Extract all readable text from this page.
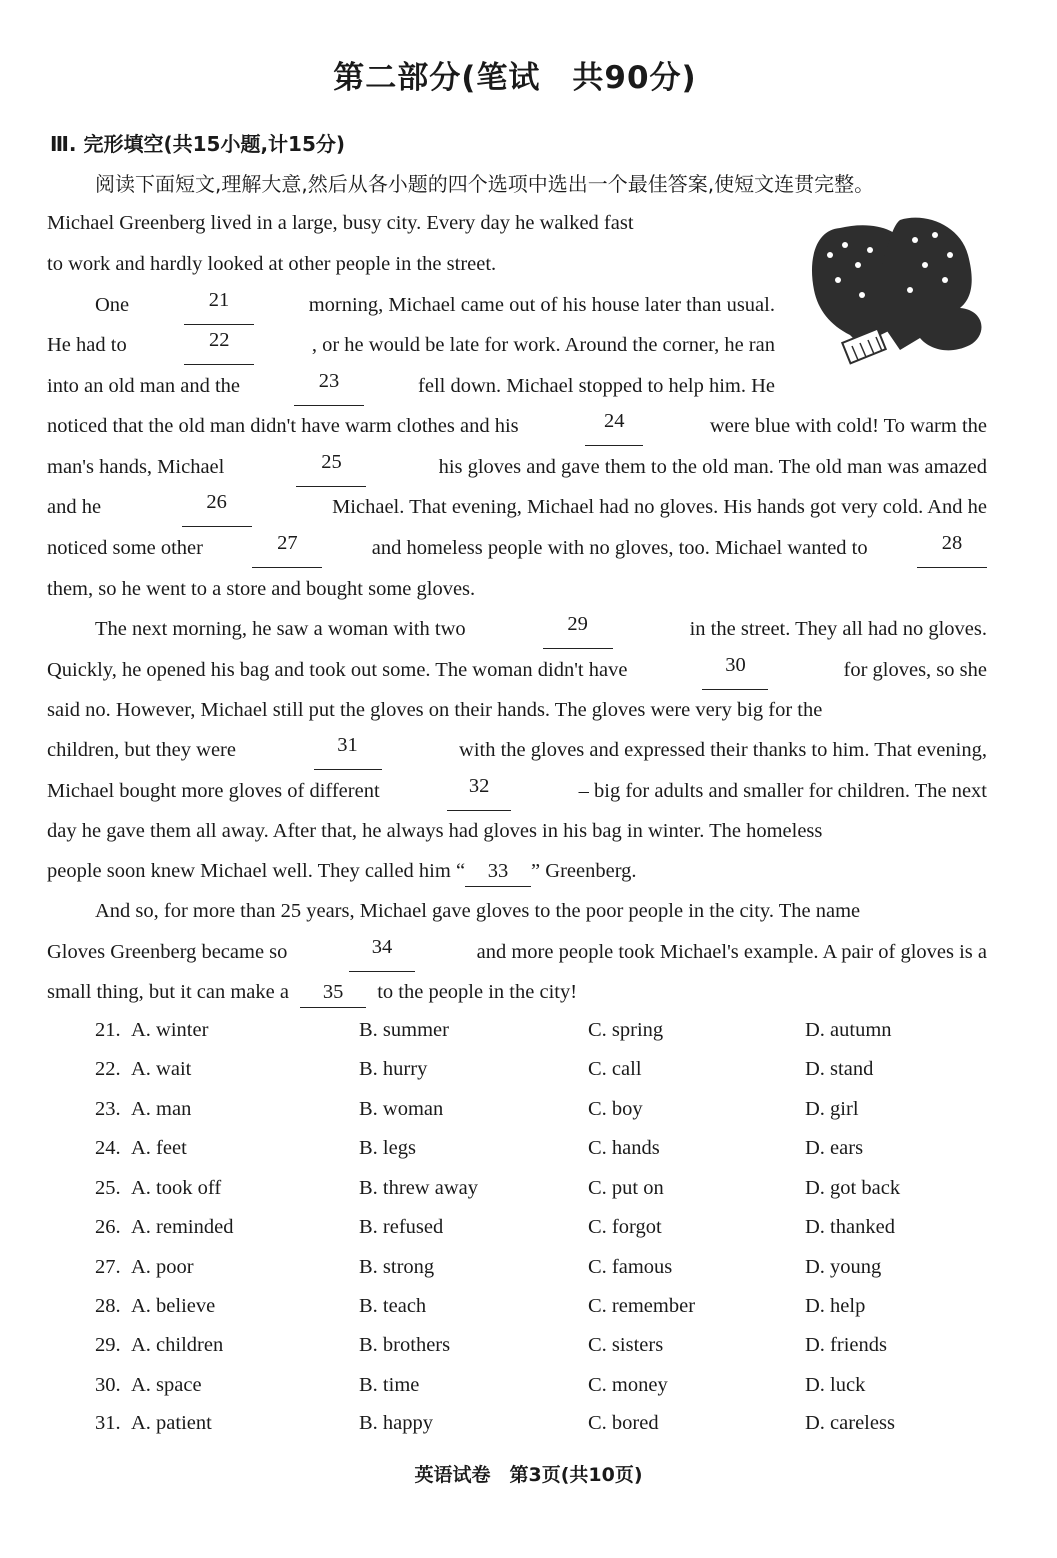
第二部分(笔试　共90分)
Ⅲ. 完形填空(共15小题,计15分)
阅读下面短文,理解大意,然后从各小题的四个选项中选出一个最佳答案,使短文连贯完整。
Michael Greenberg lived in a large, busy city. Every day he walked fast
to work and hardly looked at other people in the street.
One	21	morning, Michael came out of his house later than usual.
He had to	22	, or he would be late for work. Around the corner, he ran
into an old man and the	23	fell down. Michael stopped to help him. He
noticed that the old man didn't have warm clothes and his	24	were blue with cold! To warm the
man's hands, Michael	25	his gloves and gave them to the old man. The old man was amazed
and he	26	Michael. That evening, Michael had no gloves. His hands got very cold. And he
noticed some other	27	and homeless people with no gloves, too. Michael wanted to	28
them, so he went to a store and bought some gloves.
The next morning, he saw a woman with two	29	in the street. They all had no gloves.
Quickly, he opened his bag and took out some. The woman didn't have	30	for gloves, so she
said no. However, Michael still put the gloves on their hands. The gloves were very big for the
children, but they were	31	with the gloves and expressed their thanks to him. That evening,
Michael bought more gloves of different	32	– big for adults and smaller for children. The next
day he gave them all away. After that, he always had gloves in his bag in winter. The homeless
people soon knew Michael well. They called him “ 33 ” Greenberg.
And so, for more than 25 years, Michael gave gloves to the poor people in the city. The name
Gloves Greenberg became so	34	and more people took Michael's example. A pair of gloves is a
small thing, but it can make a 35 to the people in the city!
21. A. winter	B. summer	C. spring	D. autumn
22. A. wait	B. hurry	C. call	D. stand
23. A. man	B. woman	C. boy	D. girl
24. A. feet	B. legs	C. hands	D. ears
25. A. took off	B. threw away	C. put on	D. got back
26. A. reminded	B. refused	C. forgot	D. thanked
27. A. poor	B. strong	C. famous	D. young
28. A. believe	B. teach	C. remember	D. help
29. A. children	B. brothers	C. sisters	D. friends
30. A. space	B. time	C. money	D. luck
31. A. patient	B. happy	C. bored	D. careless
英语试卷　第3页(共10页)
